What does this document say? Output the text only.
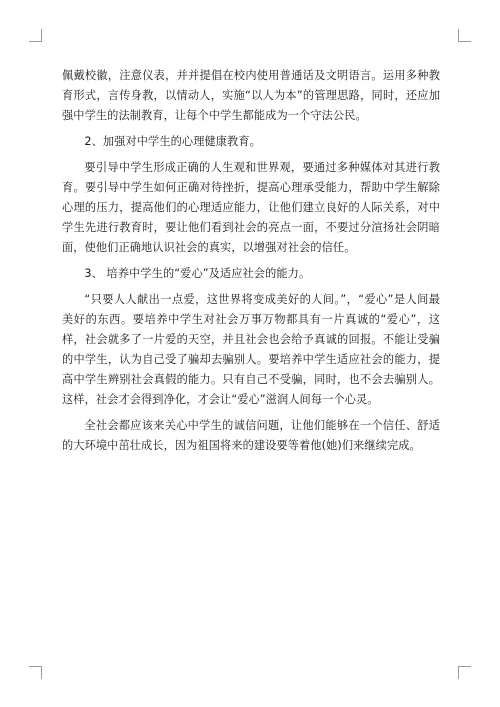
佩戴校徽，注意仪表，并并提倡在校内使用普通话及文明语言。运用多种教育形式，言传身教，以情动人，实施“以人为本”的管理思路，同时，还应加强中学生的法制教育，让每个中学生都能成为一个守法公民。

2、加强对中学生的心理健康教育。

要引导中学生形成正确的人生观和世界观，要通过多种媒体对其进行教育。要引导中学生如何正确对待挫折，提高心理承受能力，帮助中学生解除心理的压力，提高他们的心理适应能力，让他们建立良好的人际关系，对中学生先进行教育时，要让他们看到社会的亮点一面，不要过分渲扬社会阴暗面，使他们正确地认识社会的真实，以增强对社会的信任。

3、 培养中学生的“爱心”及适应社会的能力。

“只要人人献出一点爱，这世界将变成美好的人间。”，“爱心”是人间最美好的东西。要培养中学生对社会万事万物都具有一片真诚的“爱心”，这样，社会就多了一片爱的天空，并且社会也会给予真诚的回报。不能让受骗的中学生，认为自己受了骗却去骗别人。要培养中学生适应社会的能力，提高中学生辨别社会真假的能力。只有自己不受骗，同时，也不会去骗别人。这样，社会才会得到净化，才会让“爱心”滋润人间每一个心灵。

全社会都应该来关心中学生的诚信问题，让他们能够在一个信任、舒适的大环境中茁壮成长，因为祖国将来的建设要等着他(她)们来继续完成。
